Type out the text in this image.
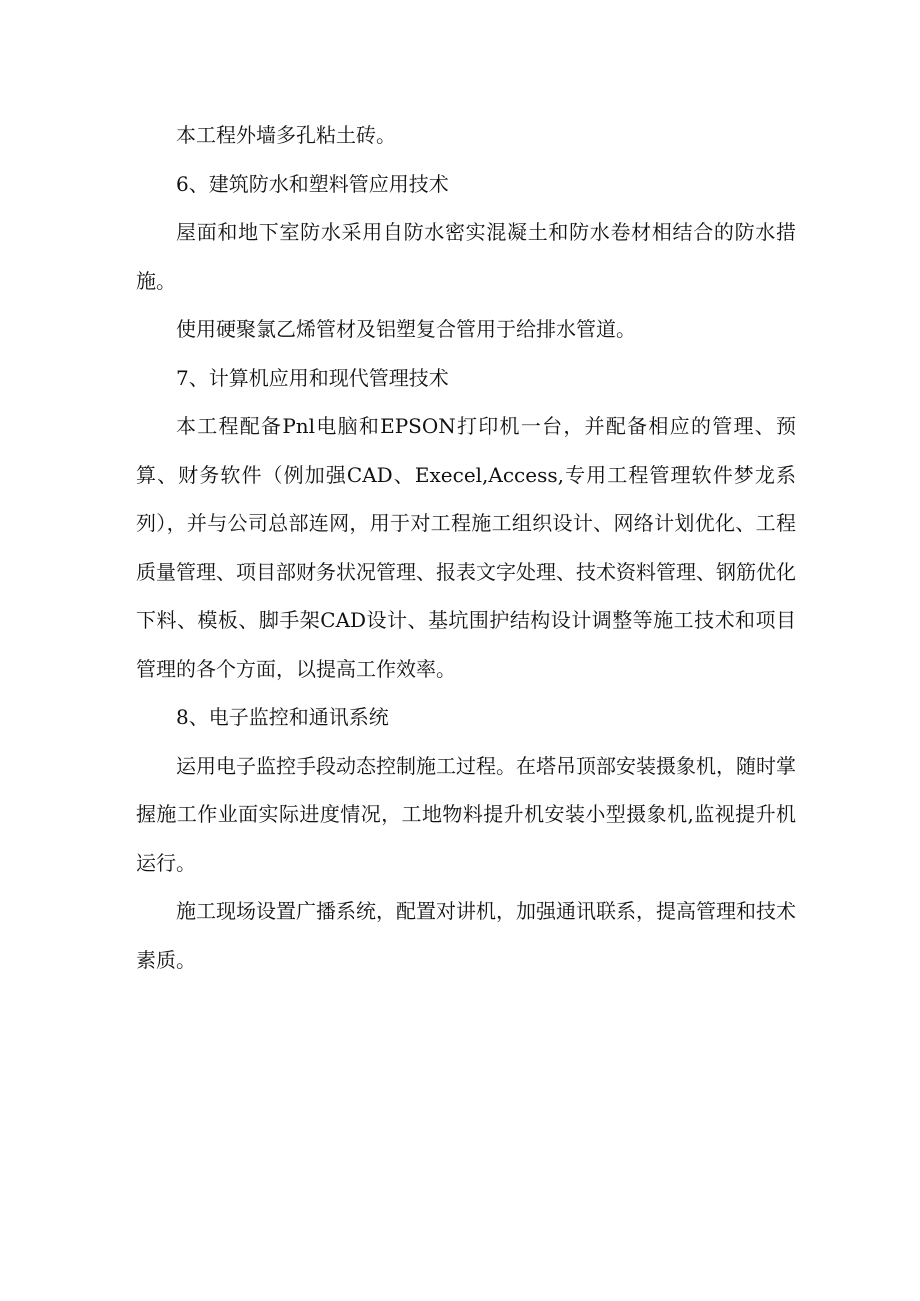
本工程外墙多孔粘土砖。

6、建筑防水和塑料管应用技术

屋面和地下室防水采用自防水密实混凝土和防水卷材相结合的防水措施。

使用硬聚氯乙烯管材及铝塑复合管用于给排水管道。

7、计算机应用和现代管理技术

本工程配备Pnl电脑和EPSON打印机一台，并配备相应的管理、预算、财务软件（例加强CAD、Execel,Access,专用工程管理软件梦龙系列），并与公司总部连网，用于对工程施工组织设计、网络计划优化、工程质量管理、项目部财务状况管理、报表文字处理、技术资料管理、钢筋优化下料、模板、脚手架CAD设计、基坑围护结构设计调整等施工技术和项目管理的各个方面，以提高工作效率。

8、电子监控和通讯系统

运用电子监控手段动态控制施工过程。在塔吊顶部安装摄象机，随时掌握施工作业面实际进度情况，工地物料提升机安装小型摄象机,监视提升机运行。

施工现场设置广播系统，配置对讲机，加强通讯联系，提高管理和技术素质。
